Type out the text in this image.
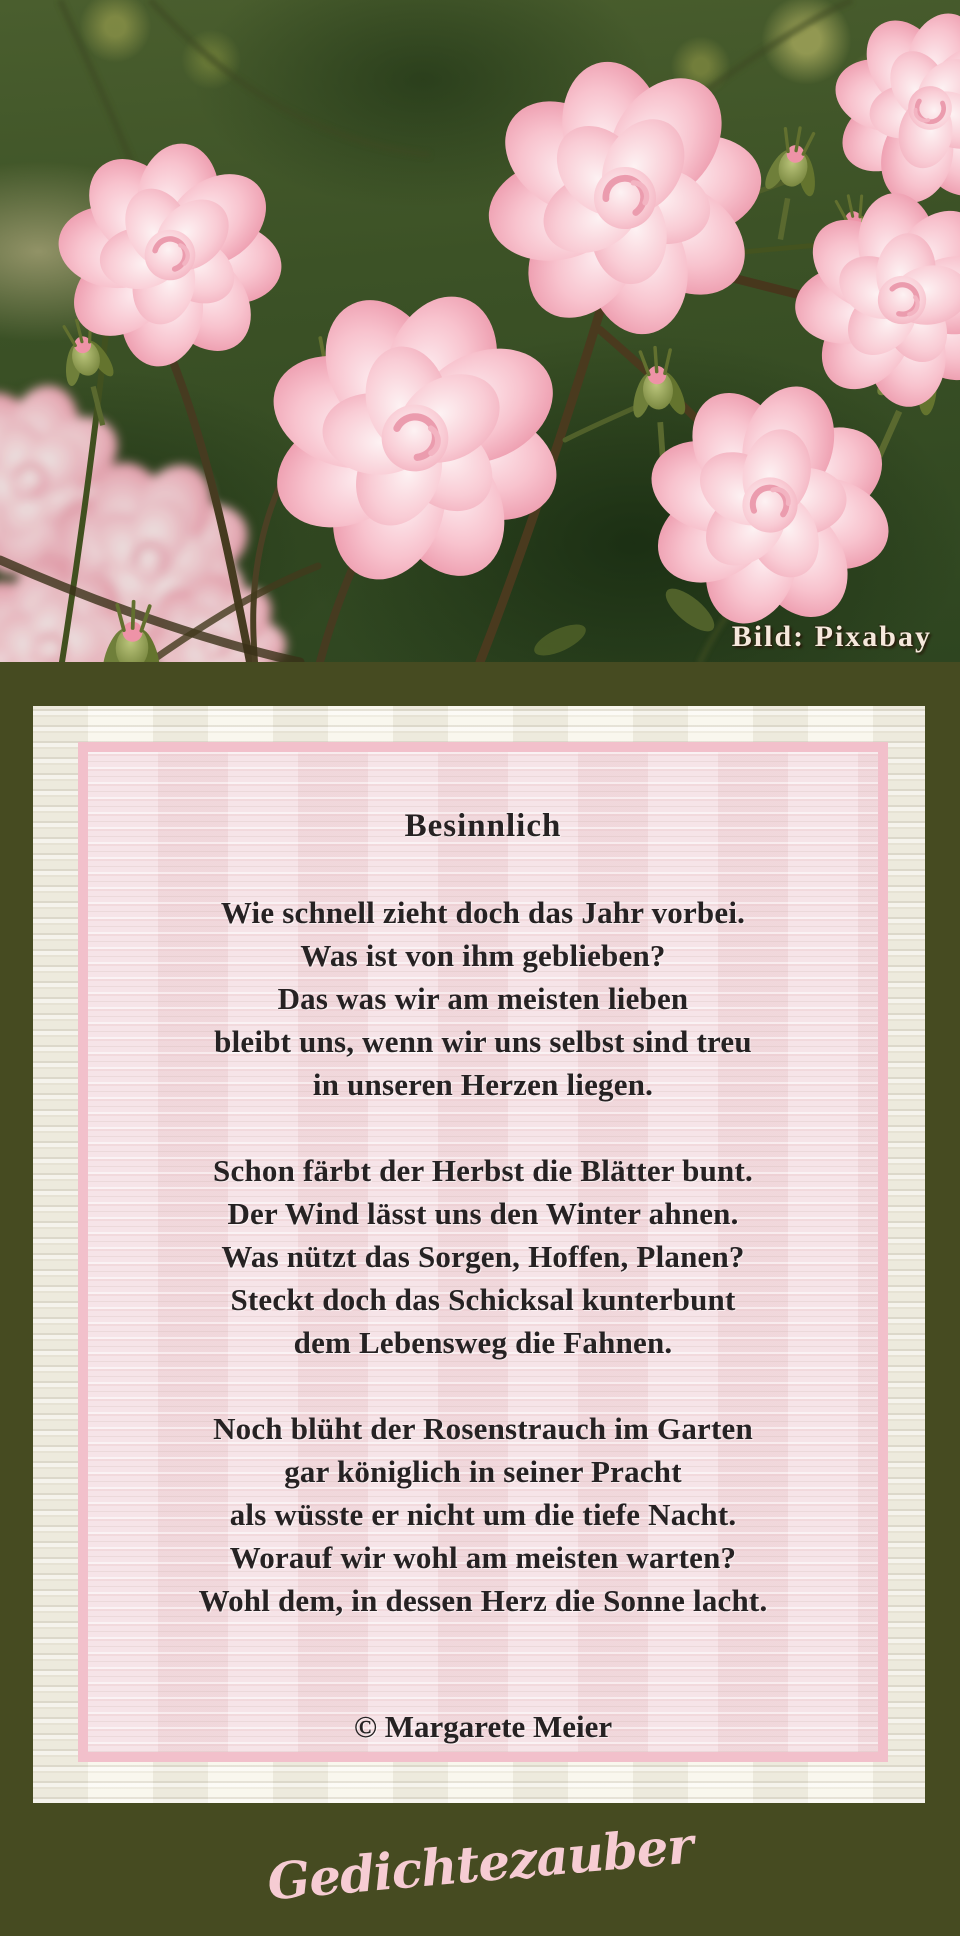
Bild: Pixabay
Besinnlich
Wie schnell zieht doch das Jahr vorbei.
Was ist von ihm geblieben?
Das was wir am meisten lieben
bleibt uns, wenn wir uns selbst sind treu
in unseren Herzen liegen.
Schon färbt der Herbst die Blätter bunt.
Der Wind lässt uns den Winter ahnen.
Was nützt das Sorgen, Hoffen, Planen?
Steckt doch das Schicksal kunterbunt
dem Lebensweg die Fahnen.
Noch blüht der Rosenstrauch im Garten
gar königlich in seiner Pracht
als wüsste er nicht um die tiefe Nacht.
Worauf wir wohl am meisten warten?
Wohl dem, in dessen Herz die Sonne lacht.
© Margarete Meier
Gedichtezauber
